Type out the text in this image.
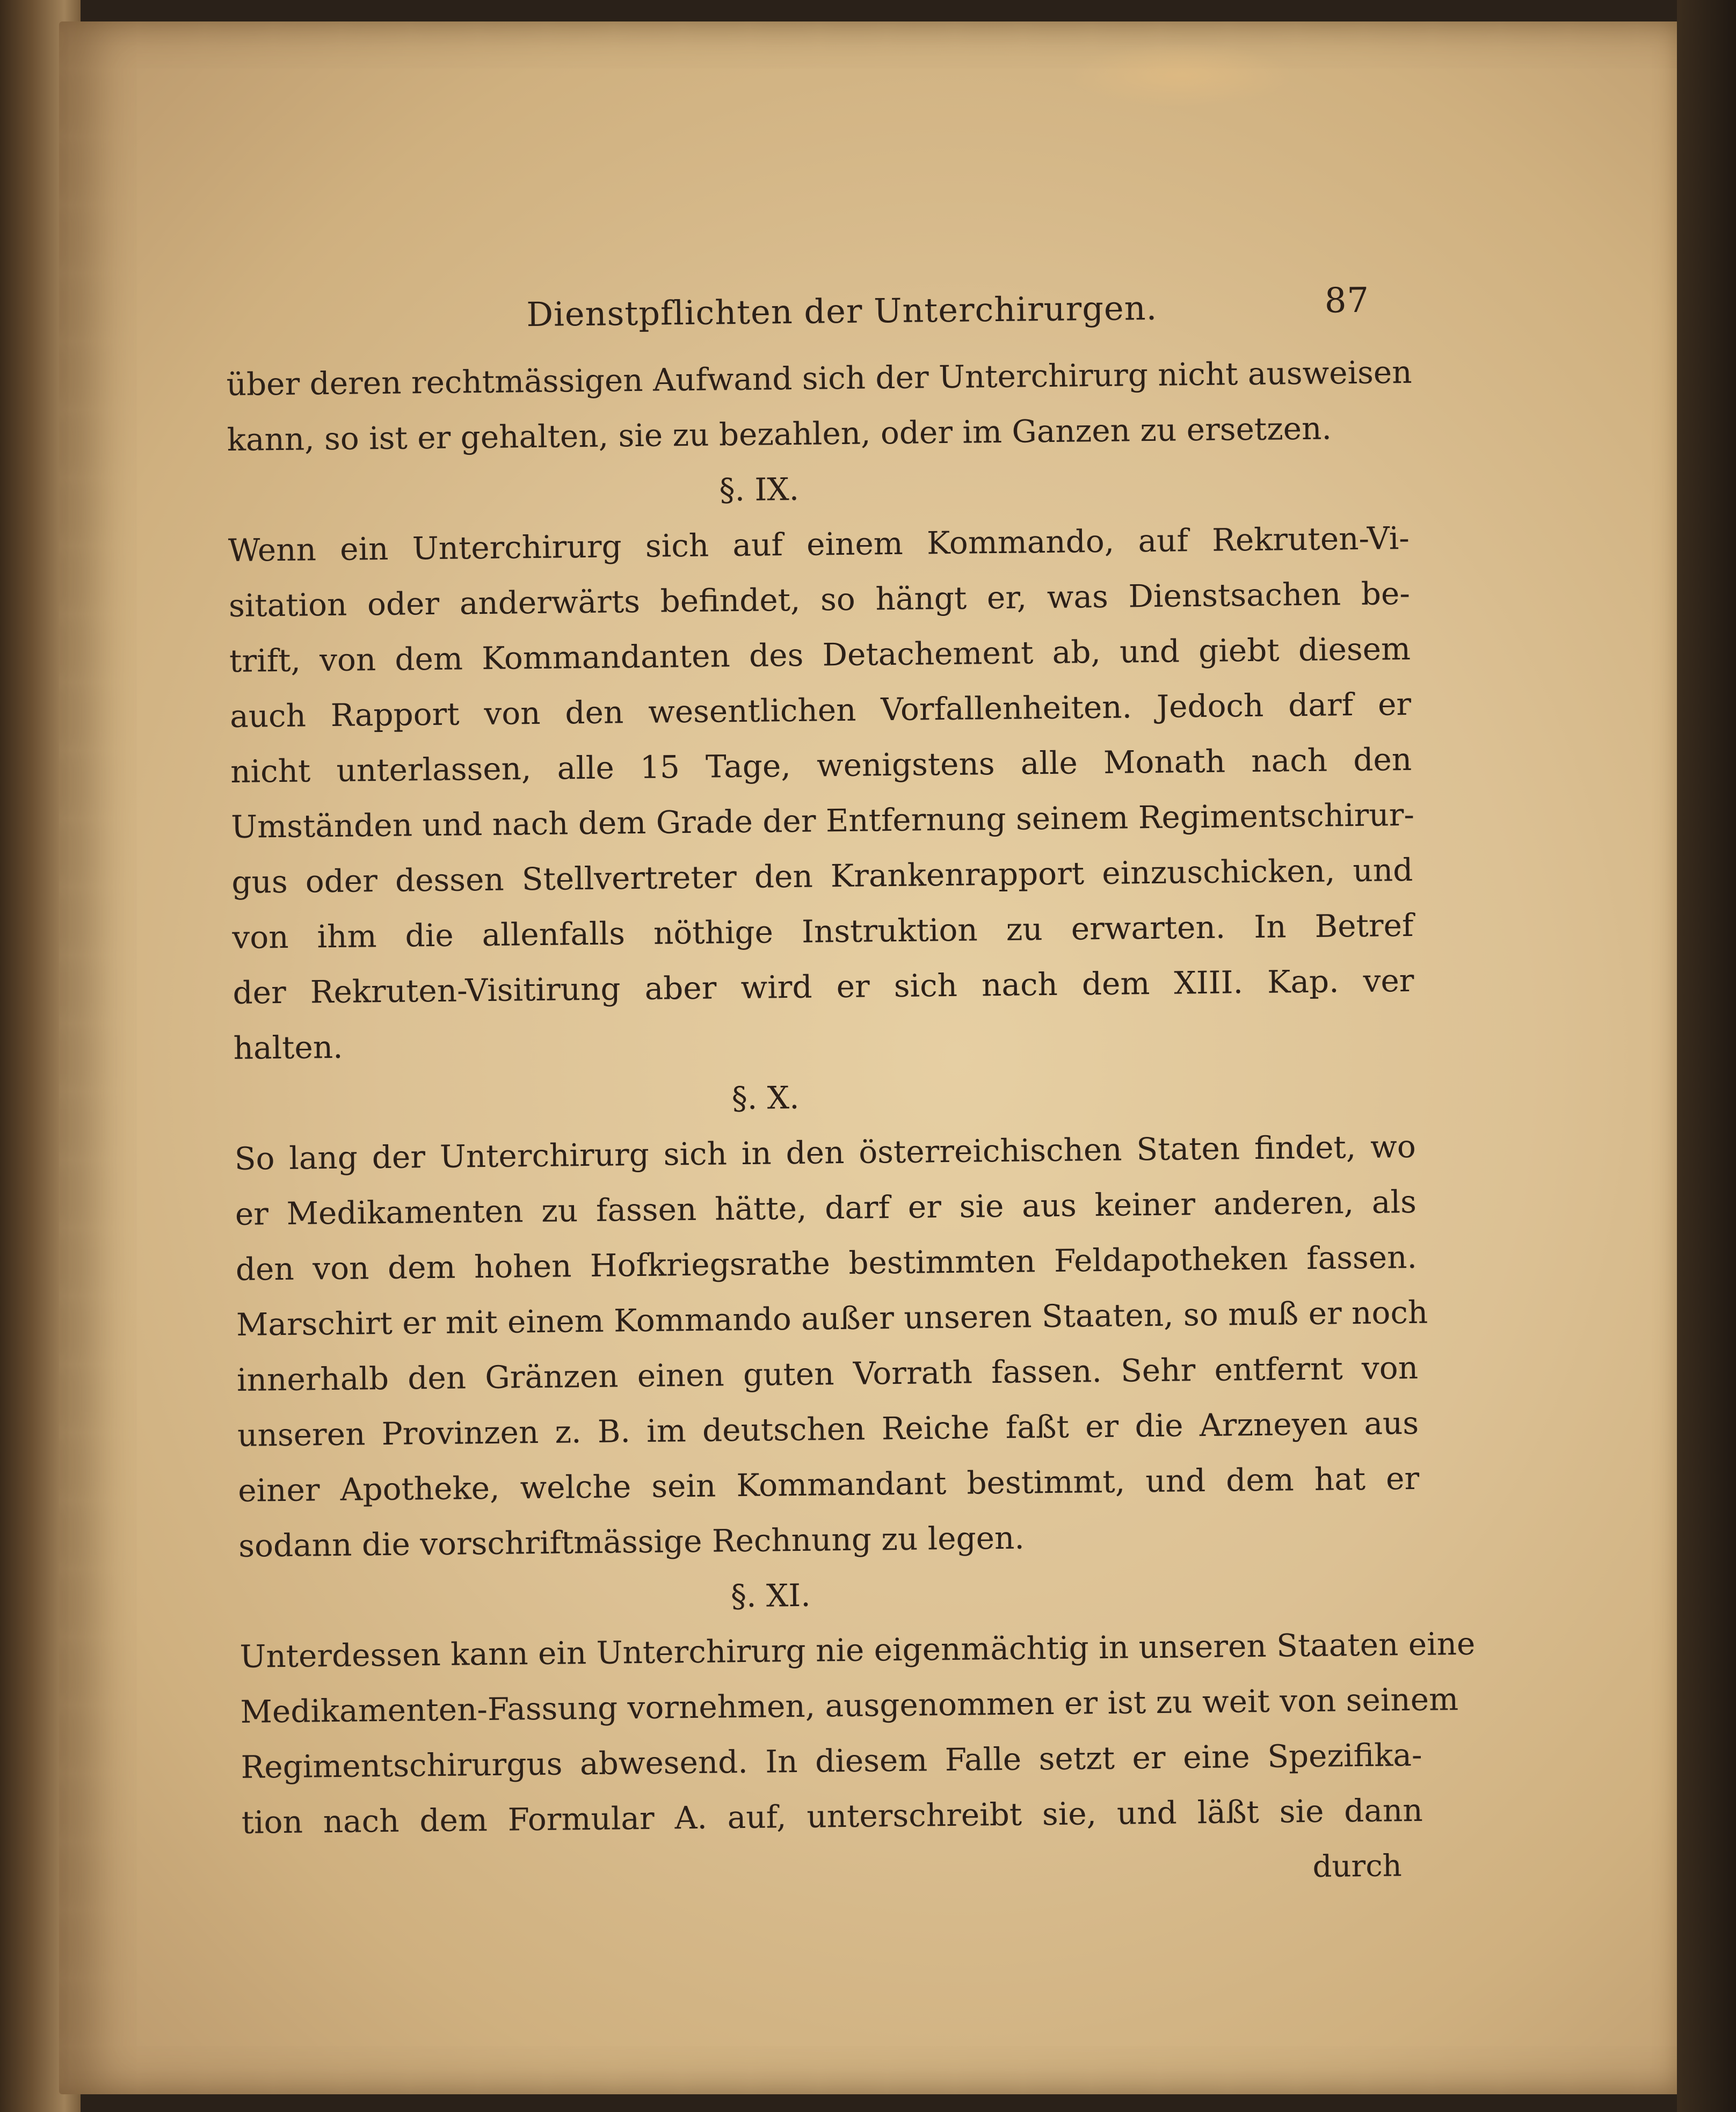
Dienstpflichten der Unterchirurgen.	87
über deren rechtmässigen Aufwand sich der Unterchirurg nicht ausweisen
kann, so ist er gehalten, sie zu bezahlen, oder im Ganzen zu ersetzen.
§. IX.
Wenn ein Unterchirurg sich auf einem Kommando, auf Rekruten-Vi-
sitation oder anderwärts befindet, so hängt er, was Dienstsachen be-
trift, von dem Kommandanten des Detachement ab, und giebt diesem
auch Rapport von den wesentlichen Vorfallenheiten. Jedoch darf er
nicht unterlassen, alle 15 Tage, wenigstens alle Monath nach den
Umständen und nach dem Grade der Entfernung seinem Regimentschirur-
gus oder dessen Stellvertreter den Krankenrapport einzuschicken, und
von ihm die allenfalls nöthige Instruktion zu erwarten. In Betref
der Rekruten-Visitirung aber wird er sich nach dem XIII. Kap. ver
halten.
§. X.
So lang der Unterchirurg sich in den österreichischen Staten findet, wo
er Medikamenten zu fassen hätte, darf er sie aus keiner anderen, als
den von dem hohen Hofkriegsrathe bestimmten Feldapotheken fassen.
Marschirt er mit einem Kommando außer unseren Staaten, so muß er noch
innerhalb den Gränzen einen guten Vorrath fassen. Sehr entfernt von
unseren Provinzen z. B. im deutschen Reiche faßt er die Arzneyen aus
einer Apotheke, welche sein Kommandant bestimmt, und dem hat er
sodann die vorschriftmässige Rechnung zu legen.
§. XI.
Unterdessen kann ein Unterchirurg nie eigenmächtig in unseren Staaten eine
Medikamenten-Fassung vornehmen, ausgenommen er ist zu weit von seinem
Regimentschirurgus abwesend. In diesem Falle setzt er eine Spezifika-
tion nach dem Formular A. auf, unterschreibt sie, und läßt sie dann
durch
